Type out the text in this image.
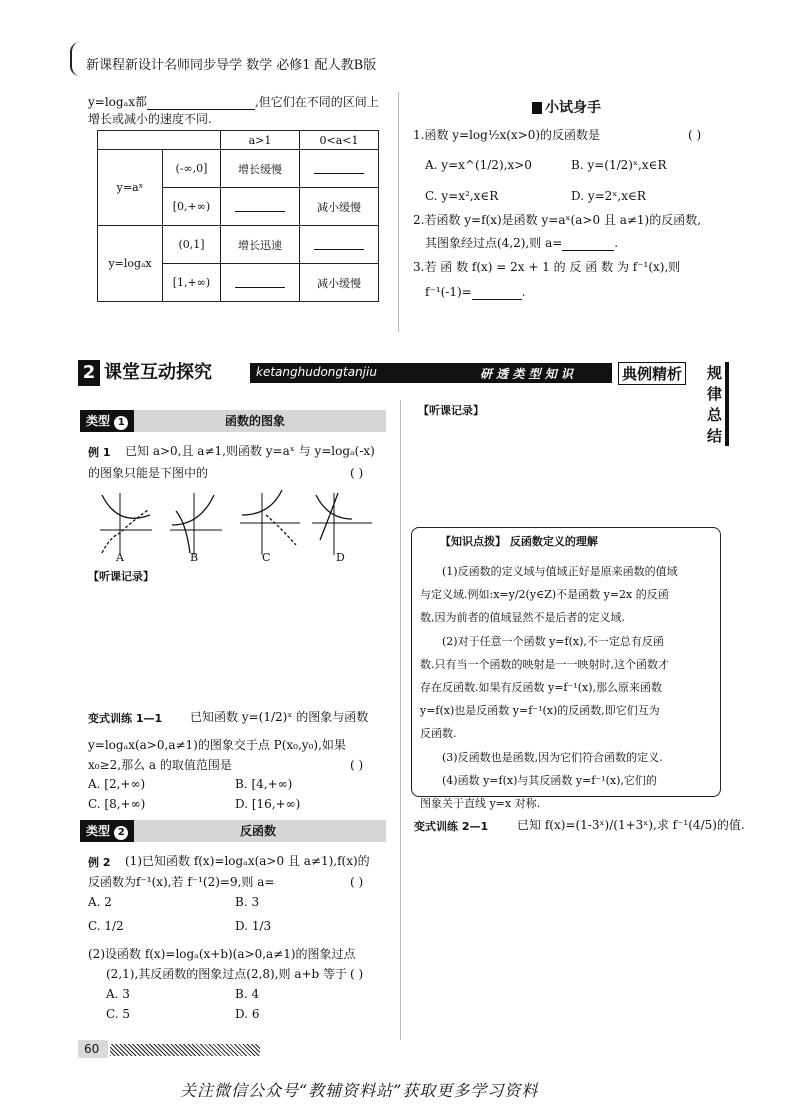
新课程新设计名师同步导学 数学 必修1 配人教B版
y=logₐx都	,但它们在不同的区间上
增长或减小的速度不同.
		a>1	0<a<1
y=aˣ	(-∞,0]	增长缓慢	
	[0,+∞)		减小缓慢
y=logₐx	(0,1]	增长迅速	
	[1,+∞)		减小缓慢
小试身手
1.函数 y=log½x(x>0)的反函数是	( )
A. y=x^(1/2),x>0	B. y=(1/2)ˣ,x∈R
C. y=x²,x∈R	D. y=2ˣ,x∈R
2.若函数 y=f(x)是函数 y=aˣ(a>0 且 a≠1)的反函数,
其图象经过点(4,2),则 a=	.
3.若 函 数 f(x) = 2x + 1 的 反 函 数 为 f⁻¹(x),则
f⁻¹(-1)=	.
2 课堂互动探究	ketanghudongtanjiu	研 透 类 型 知 识	典例精析 规律总结
类型 1	函数的图象
例 1 已知 a>0,且 a≠1,则函数 y=aˣ 与 y=logₐ(-x)
的图象只能是下图中的	( )
A	B	C	D
【听课记录】
变式训练 1—1 已知函数 y=(1/2)ˣ 的图象与函数
y=logₐx(a>0,a≠1)的图象交于点 P(x₀,y₀),如果
x₀≥2,那么 a 的取值范围是	( )
A. [2,+∞)	B. [4,+∞)
C. [8,+∞)	D. [16,+∞)
类型 2	反函数
例 2 (1)已知函数 f(x)=logₐx(a>0 且 a≠1),f(x)的
反函数为f⁻¹(x),若 f⁻¹(2)=9,则 a=	( )
A. 2	B. 3
C. 1/2	D. 1/3
(2)设函数 f(x)=logₐ(x+b)(a>0,a≠1)的图象过点
(2,1),其反函数的图象过点(2,8),则 a+b 等于 ( )
A. 3	B. 4
C. 5	D. 6
【听课记录】
【知识点拨】 反函数定义的理解
(1)反函数的定义域与值域正好是原来函数的值域
与定义域.例如:x=y/2(y∈Z)不是函数 y=2x 的反函
数,因为前者的值域显然不是后者的定义域.
(2)对于任意一个函数 y=f(x),不一定总有反函
数.只有当一个函数的映射是一一映射时,这个函数才
存在反函数.如果有反函数 y=f⁻¹(x),那么原来函数
y=f(x)也是反函数 y=f⁻¹(x)的反函数,即它们互为
反函数.
(3)反函数也是函数,因为它们符合函数的定义.
(4)函数 y=f(x)与其反函数 y=f⁻¹(x),它们的
图象关于直线 y=x 对称.
变式训练 2—1 已知 f(x)=(1-3ˣ)/(1+3ˣ),求 f⁻¹(4/5)的值.
60
关注微信公众号“教辅资料站”获取更多学习资料
